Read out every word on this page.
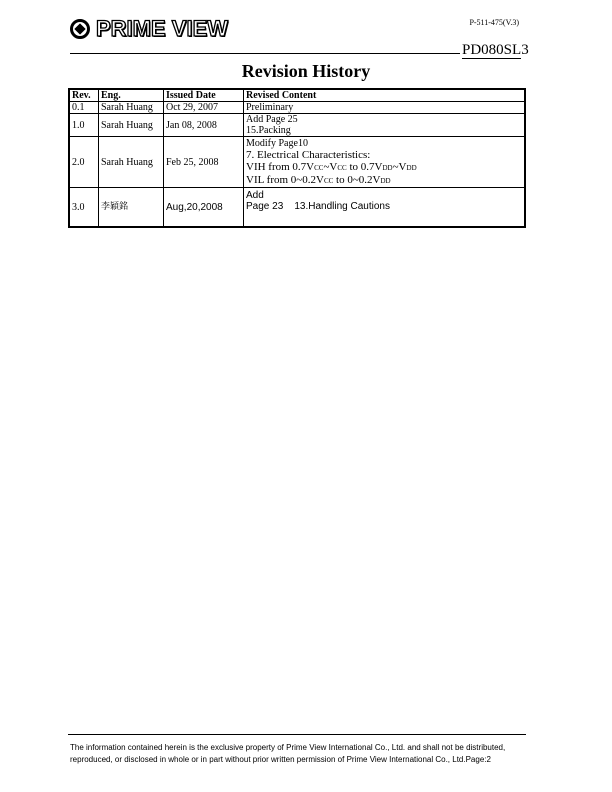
PRIME VIEW	P-511-475(V.3)
PD080SL3
Revision History
Rev.	Eng.	Issued Date	Revised Content
0.1	Sarah Huang	Oct 29, 2007	Preliminary

1.0	Sarah Huang	Jan 08, 2008	Add Page 25
15.Packing

2.0	Sarah Huang	Feb 25, 2008	Modify Page10
7. Electrical Characteristics:
VIH from 0.7VCC~VCC to 0.7VDD~VDD
VIL from 0~0.2VCC to 0~0.2VDD

3.0	李穎銘	Aug,20,2008	Add
Page 23    13.Handling Cautions
The information contained herein is the exclusive property of Prime View International Co., Ltd. and shall not be distributed,
reproduced, or disclosed in whole or in part without prior written permission of Prime View International Co., Ltd.Page:2
